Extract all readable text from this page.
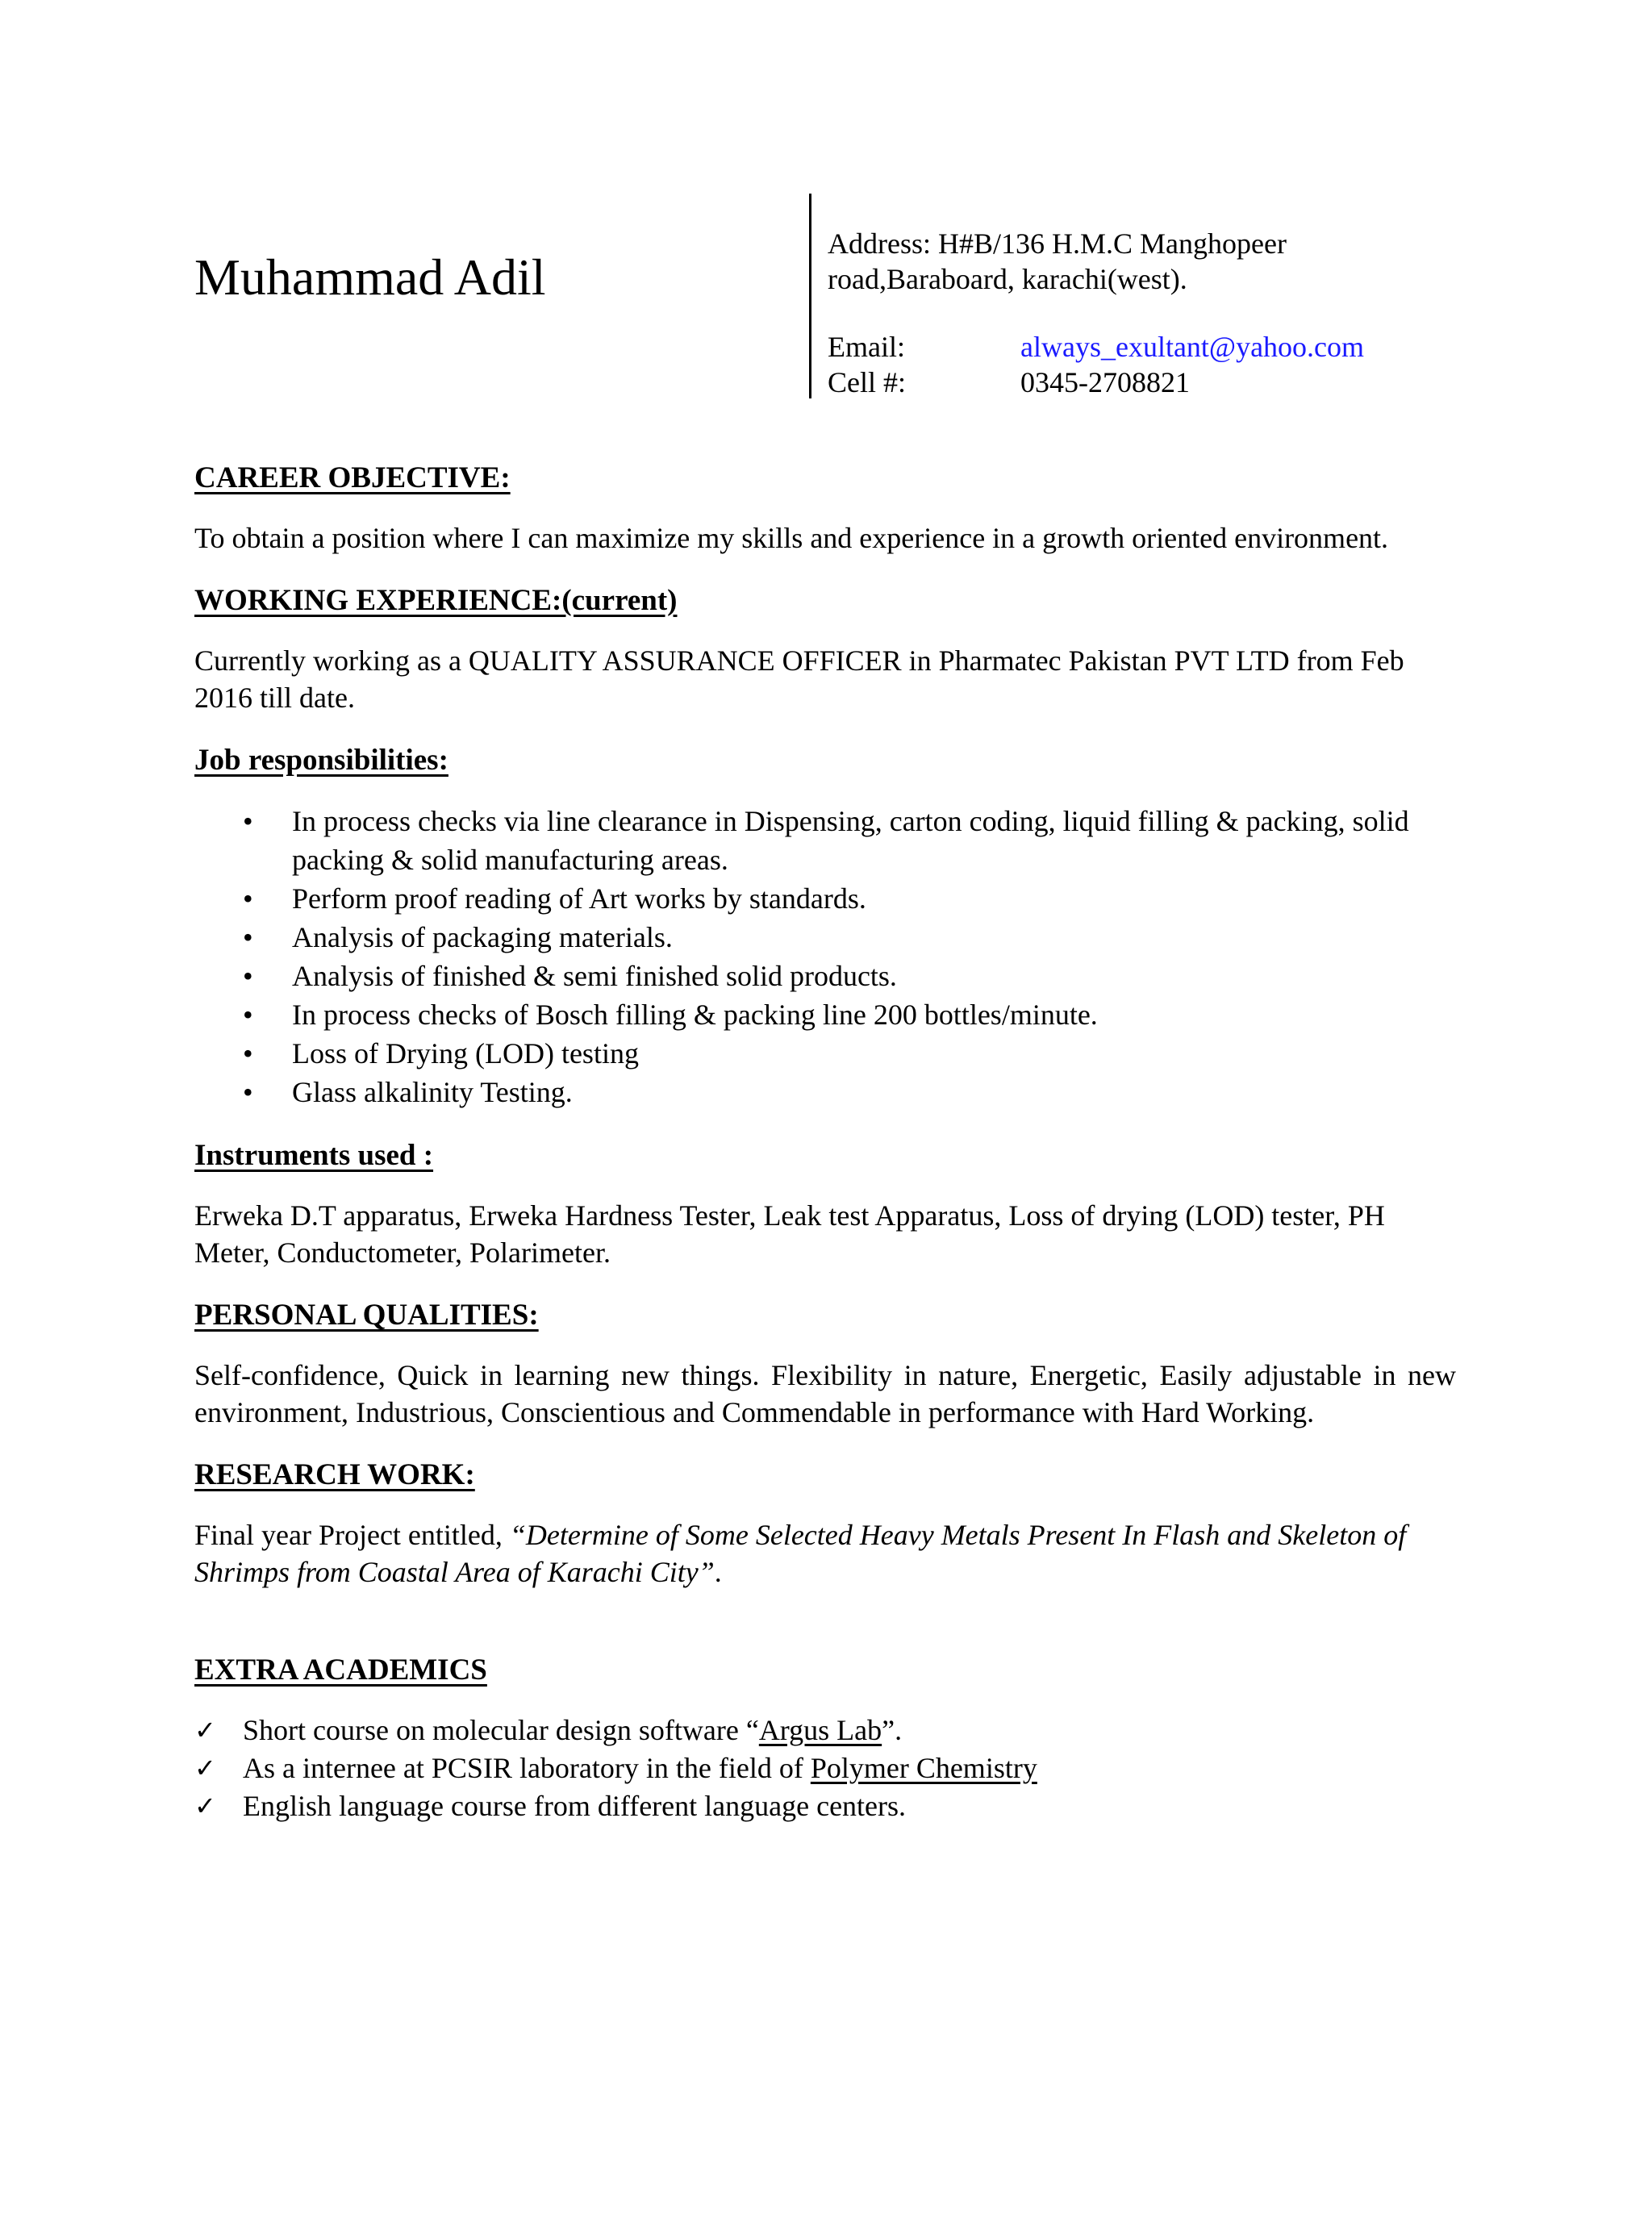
Muhammad Adil
Address: H#B/136 H.M.C Manghopeer
road,Baraboard, karachi(west).
Email:	always_exultant@yahoo.com
Cell #:	0345-2708821
CAREER OBJECTIVE:

To obtain a position where I can maximize my skills and experience in a growth oriented environment.

WORKING EXPERIENCE:(current)

Currently working as a QUALITY ASSURANCE OFFICER in Pharmatec Pakistan PVT LTD from Feb 2016 till date.

Job responsibilities:
• In process checks via line clearance in Dispensing, carton coding, liquid filling & packing, solid packing & solid manufacturing areas.
• Perform proof reading of Art works by standards.
• Analysis of packaging materials.
• Analysis of finished & semi finished solid products.
• In process checks of Bosch filling & packing line 200 bottles/minute.
• Loss of Drying (LOD) testing
• Glass alkalinity Testing.
Instruments used :

Erweka D.T apparatus, Erweka Hardness Tester, Leak test Apparatus, Loss of drying (LOD) tester, PH Meter, Conductometer, Polarimeter.

PERSONAL QUALITIES:

Self-confidence, Quick in learning new things. Flexibility in nature, Energetic, Easily adjustable in new environment, Industrious, Conscientious and Commendable in performance with Hard Working.

RESEARCH WORK:

Final year Project entitled, “Determine of Some Selected Heavy Metals Present In Flash and Skeleton of Shrimps from Coastal Area of Karachi City”.

EXTRA ACADEMICS
✓ Short course on molecular design software “Argus Lab”.
✓ As a internee at PCSIR laboratory in the field of Polymer Chemistry
✓ English language course from different language centers.
